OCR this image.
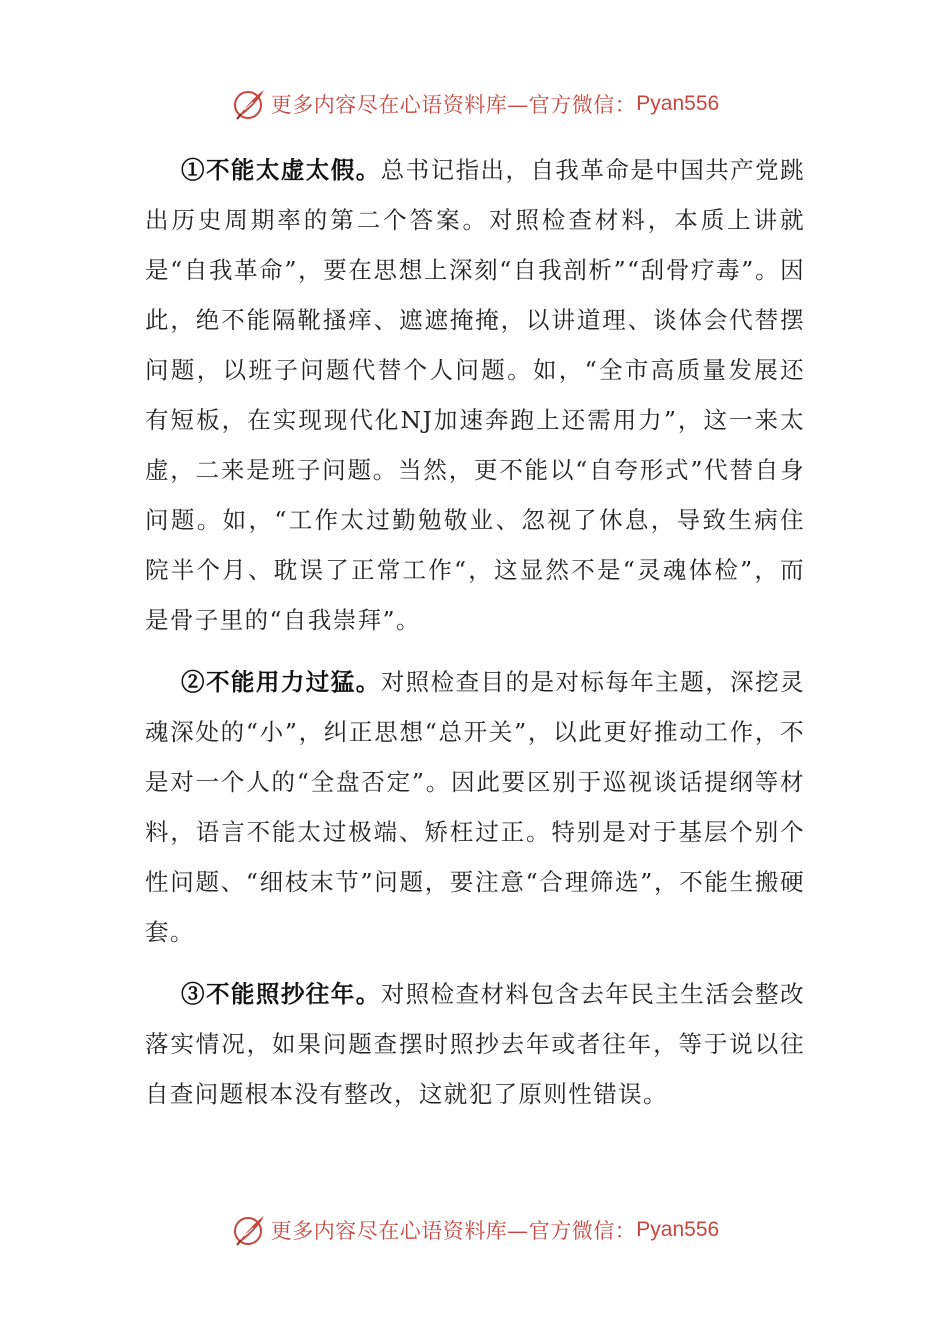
更多内容尽在心语资料库—官方微信： Pyan556

①不能太虚太假。总书记指出，自我革命是中国共产党跳出历史周期率的第二个答案。对照检查材料，本质上讲就是“自我革命”，要在思想上深刻“自我剖析”“刮骨疗毒”。因此，绝不能隔靴搔痒、遮遮掩掩，以讲道理、谈体会代替摆问题，以班子问题代替个人问题。如，“全市高质量发展还有短板，在实现现代化NJ加速奔跑上还需用力”，这一来太虚，二来是班子问题。当然，更不能以“自夸形式”代替自身问题。如，“工作太过勤勉敬业、忽视了休息，导致生病住院半个月、耽误了正常工作“，这显然不是“灵魂体检”，而是骨子里的“自我崇拜”。

②不能用力过猛。对照检查目的是对标每年主题，深挖灵魂深处的“小”，纠正思想“总开关”，以此更好推动工作，不是对一个人的“全盘否定”。因此要区别于巡视谈话提纲等材料，语言不能太过极端、矫枉过正。特别是对于基层个别个性问题、“细枝末节”问题，要注意“合理筛选”，不能生搬硬套。

③不能照抄往年。对照检查材料包含去年民主生活会整改落实情况，如果问题查摆时照抄去年或者往年，等于说以往自查问题根本没有整改，这就犯了原则性错误。

更多内容尽在心语资料库—官方微信： Pyan556
